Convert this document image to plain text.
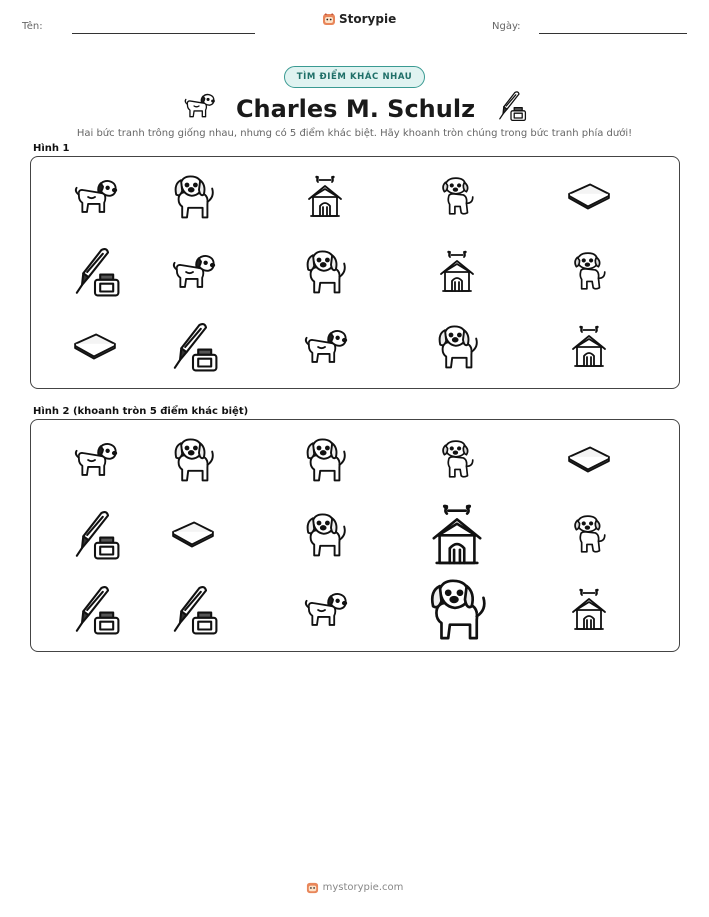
Tên:
Storypie
Ngày:
TÌM ĐIỂM KHÁC NHAU
Charles M. Schulz
Hai bức tranh trông giống nhau, nhưng có 5 điểm khác biệt. Hãy khoanh tròn chúng trong bức tranh phía dưới!
Hình 1
Hình 2 (khoanh tròn 5 điểm khác biệt)
mystorypie.com
